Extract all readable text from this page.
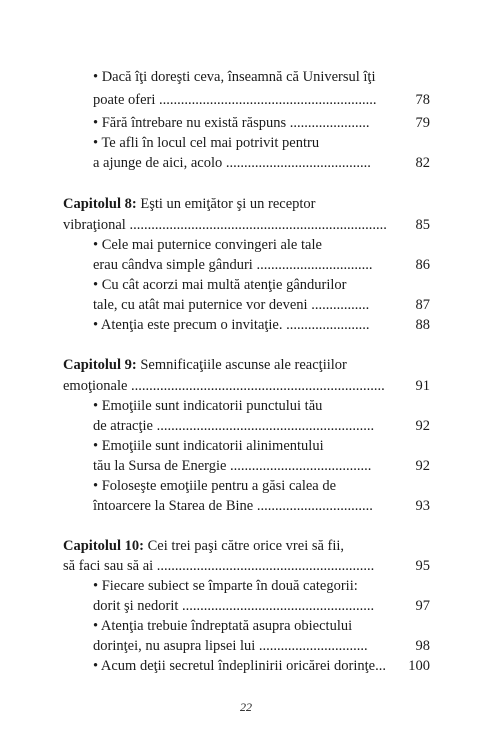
• Dacă îţi doreşti ceva, înseamnă că Universul îţi
poate oferi ............................................................	78
• Fără întrebare nu există răspuns ......................	79
• Te afli în locul cel mai potrivit pentru
a ajunge de aici, acolo ........................................	82
Capitolul 8: Eşti un emiţător şi un receptor
vibraţional .......................................................................	85
• Cele mai puternice convingeri ale tale
erau cândva simple gânduri ................................	86
• Cu cât acorzi mai multă atenţie gândurilor
tale, cu atât mai puternice vor deveni ................	87
• Atenţia este precum o invitaţie. .......................	88
Capitolul 9: Semnificaţiile ascunse ale reacţiilor
emoţionale ......................................................................	91
• Emoţiile sunt indicatorii punctului tău
de atracţie ............................................................	92
• Emoţiile sunt indicatorii alinimentului
tău la Sursa de Energie .......................................	92
• Foloseşte emoţiile pentru a găsi calea de
întoarcere la Starea de Bine ................................	93
Capitolul 10: Cei trei paşi către orice vrei să fii,
să faci sau să ai ............................................................	95
• Fiecare subiect se împarte în două categorii:
dorit şi nedorit .....................................................	97
• Atenţia trebuie îndreptată asupra obiectului
dorinţei, nu asupra lipsei lui ..............................	98
• Acum deţii secretul îndeplinirii oricărei dorinţe...	100
22
